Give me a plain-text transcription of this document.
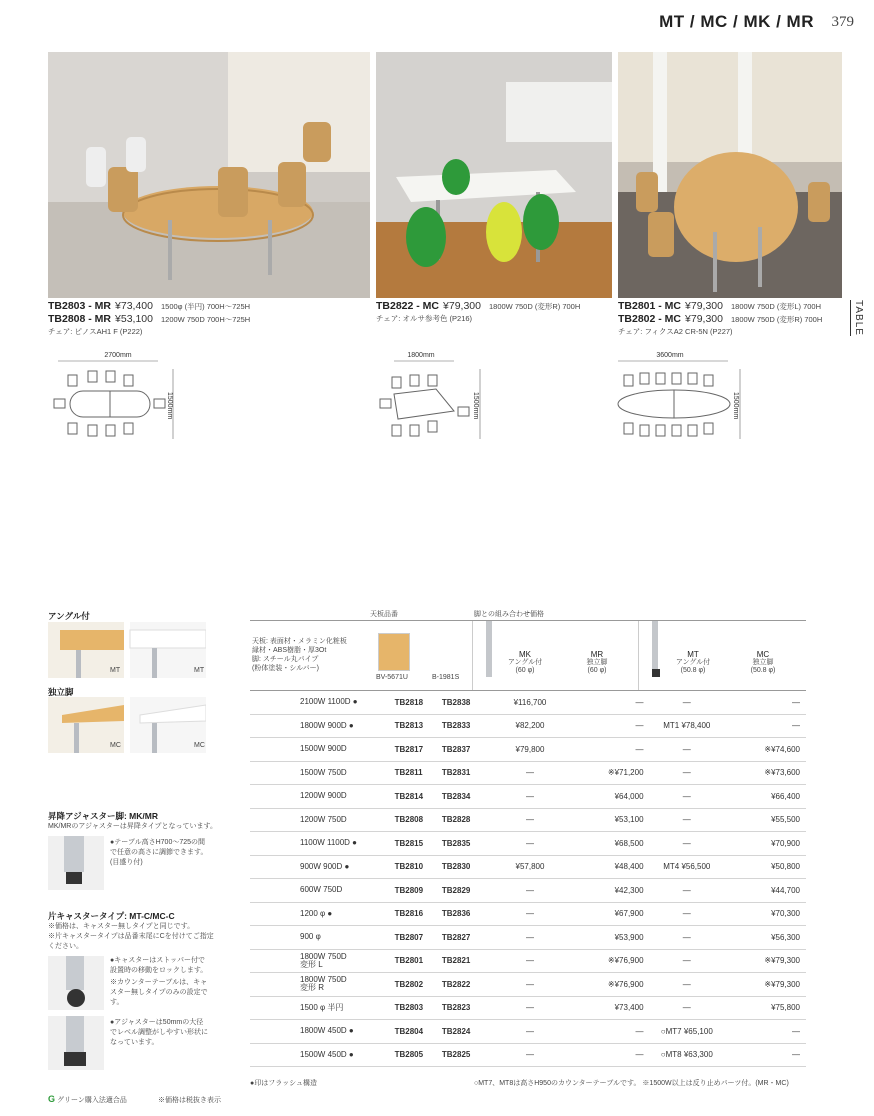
MT / MC / MK / MR 379
TABLE
TB2803 - MR ¥73,400 1500φ (半円) 700H〜725H
TB2808 - MR ¥53,100 1200W 750D 700H〜725H
チェア: ピノスAH1 F (P222)
TB2822 - MC ¥79,300 1800W 750D (変形R) 700H
チェア: オルサ参考色 (P216)
TB2801 - MC ¥79,300 1800W 750D (変形L) 700H
TB2802 - MC ¥79,300 1800W 750D (変形R) 700H
チェア: フィクスA2 CR-5N (P227)
2700mm
1500mm
1800mm
1500mm
3600mm
1500mm
アングル付
MT	MT
独立脚
MC	MC
昇降アジャスター脚: MK/MR
MK/MRのアジャスターは昇降タイプとなっています。
●テーブル高さH700〜725の間で任意の高さに調節できます。(目盛り付)
片キャスタータイプ: MT-C/MC-C
※価格は、キャスター無しタイプと同じです。
※片キャスタータイプは品番末尾にCを付けてご指定ください。
●キャスターはストッパー付で設置時の移動をロックします。
※カウンターテーブルは、キャスター無しタイプのみの設定です。
●アジャスターは50mmの大径でレベル調整がしやすい形状になっています。
天板品番	脚との組み合わせ価格
天板: 表面材・メラミン化粧板
縁材・ABS樹脂・厚3Ot
脚: スチール丸パイプ
(粉体塗装・シルバー)
BV-5671U	B-1981S
MK
アングル付
(60 φ)
MR
独立脚
(60 φ)
MT
アングル付
(50.8 φ)
MC
独立脚
(50.8 φ)
2100W 1100D ●	TB2818	TB2838	¥116,700	—	—	—
1800W 900D ●	TB2813	TB2833	¥82,200	—	MT1 ¥78,400	—
1500W 900D	TB2817	TB2837	¥79,800	—	—	※¥74,600
1500W 750D	TB2811	TB2831	—	※¥71,200	—	※¥73,600
1200W 900D	TB2814	TB2834	—	¥64,000	—	¥66,400
1200W 750D	TB2808	TB2828	—	¥53,100	—	¥55,500
1100W 1100D ●	TB2815	TB2835	—	¥68,500	—	¥70,900
900W 900D ●	TB2810	TB2830	¥57,800	¥48,400	MT4 ¥56,500	¥50,800
600W 750D	TB2809	TB2829	—	¥42,300	—	¥44,700
1200 φ ●	TB2816	TB2836	—	¥67,900	—	¥70,300
900 φ	TB2807	TB2827	—	¥53,900	—	¥56,300
1800W 750D
変形 L	TB2801	TB2821	—	※¥76,900	—	※¥79,300
1800W 750D
変形 R	TB2802	TB2822	—	※¥76,900	—	※¥79,300
1500 φ 半円	TB2803	TB2823	—	¥73,400	—	¥75,800
1800W 450D ●	TB2804	TB2824	—	—	○MT7 ¥65,100	—
1500W 450D ●	TB2805	TB2825	—	—	○MT8 ¥63,300	—
●印はフラッシュ構造	○MT7、MT8は高さH950のカウンターテーブルです。 ※1500W以上は反り止めパーツ付。(MR・MC)
G グリーン購入法適合品	※価格は税抜き表示
